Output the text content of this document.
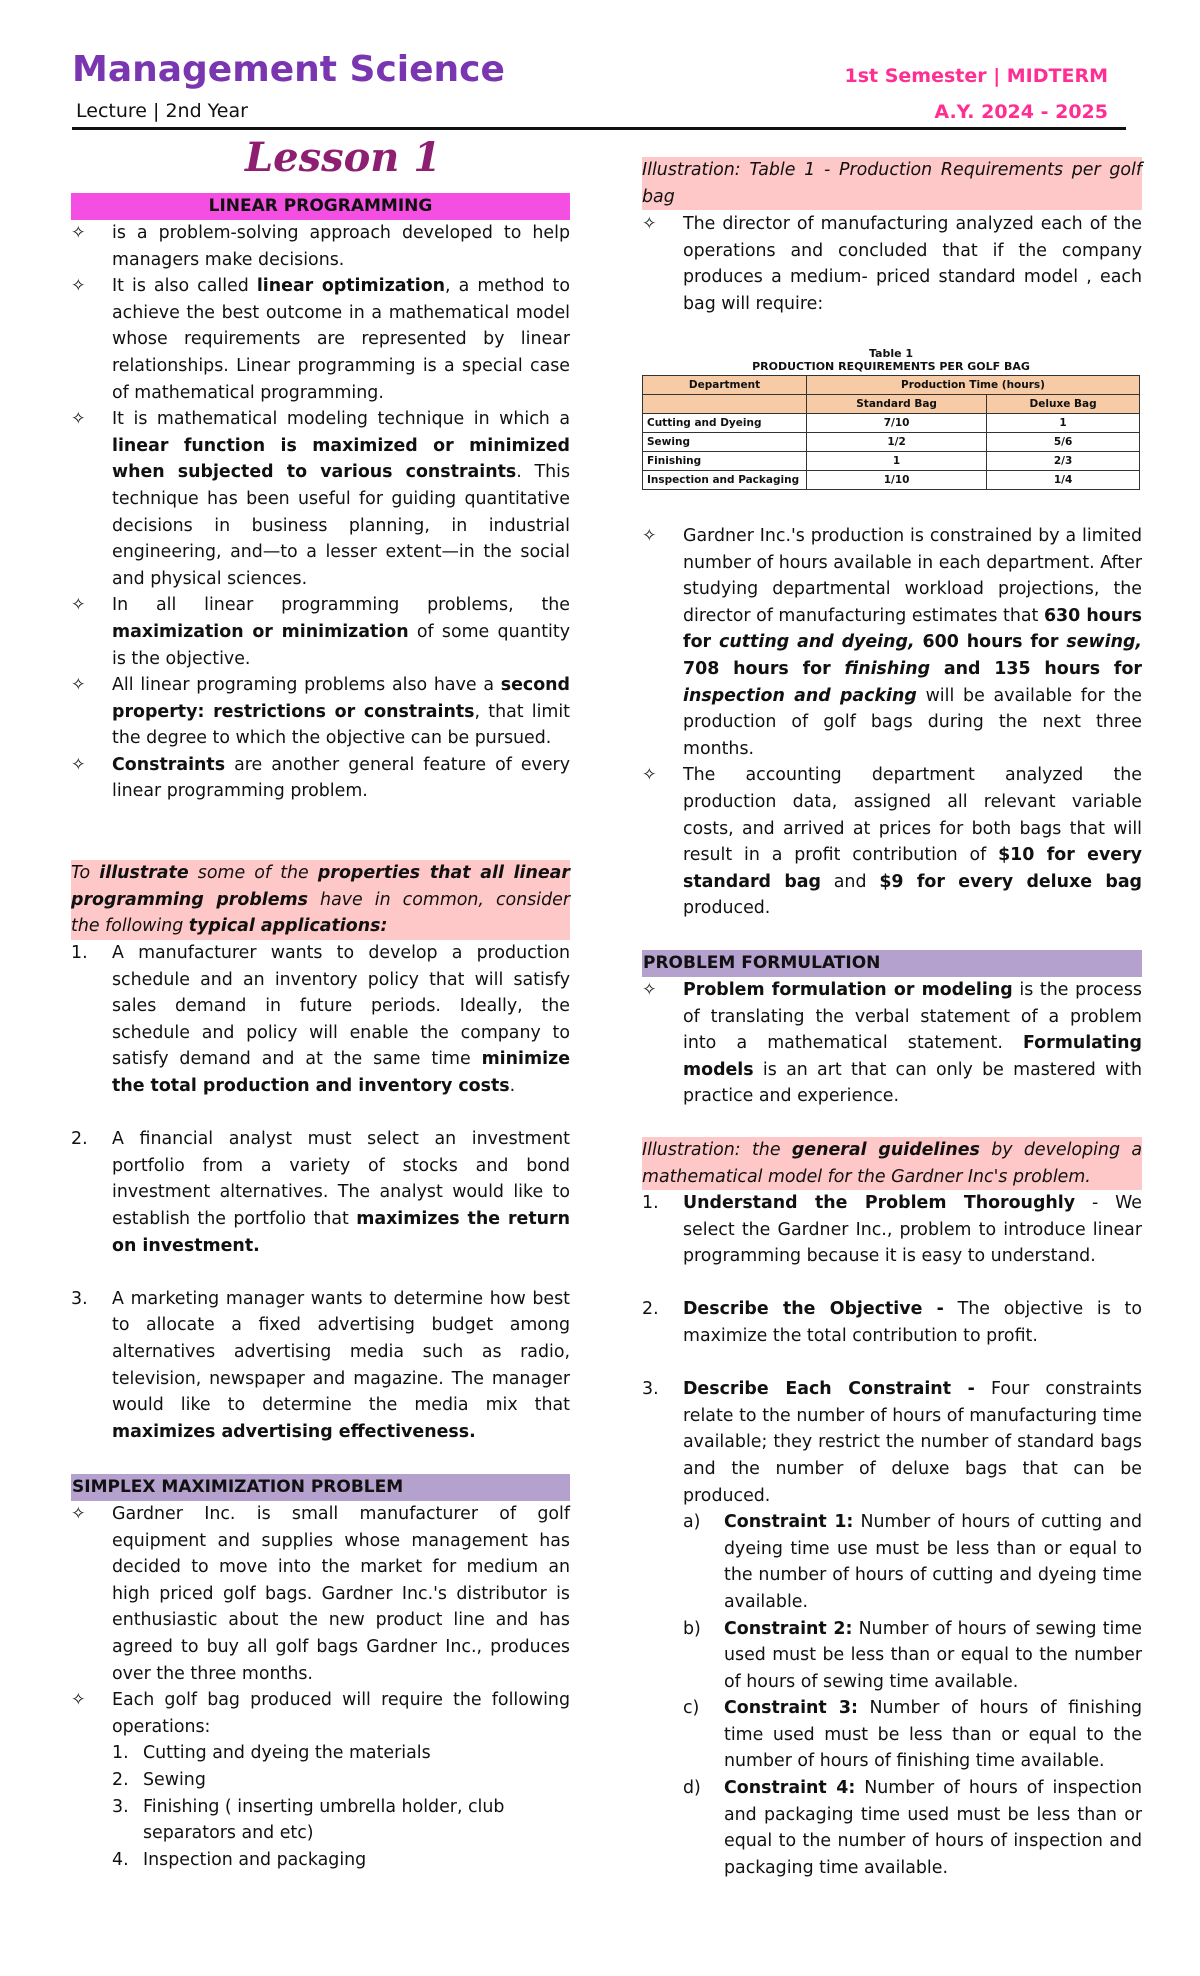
Management Science
Lecture | 2nd Year
1st Semester | MIDTERM
A.Y. 2024 - 2025
Lesson 1
LINEAR PROGRAMMING
✧	is a problem-solving approach developed to help managers make decisions.
✧	It is also called linear optimization, a method to achieve the best outcome in a mathematical model whose requirements are represented by linear relationships. Linear programming is a special case of mathematical programming.
✧	It is mathematical modeling technique in which a linear function is maximized or minimized when subjected to various constraints. This technique has been useful for guiding quantitative decisions in business planning, in industrial engineering, and—to a lesser extent—in the social and physical sciences.
✧	In all linear programming problems, the maximization or minimization of some quantity is the objective.
✧	All linear programing problems also have a second property: restrictions or constraints, that limit the degree to which the objective can be pursued.
✧	Constraints are another general feature of every linear programming problem.
To illustrate some of the properties that all linear programming problems have in common, consider the following typical applications:
1.	A manufacturer wants to develop a production schedule and an inventory policy that will satisfy sales demand in future periods. Ideally, the schedule and policy will enable the company to satisfy demand and at the same time minimize the total production and inventory costs.
2.	A financial analyst must select an investment portfolio from a variety of stocks and bond investment alternatives. The analyst would like to establish the portfolio that maximizes the return on investment.
3.	A marketing manager wants to determine how best to allocate a fixed advertising budget among alternatives advertising media such as radio, television, newspaper and magazine. The manager would like to determine the media mix that maximizes advertising effectiveness.
SIMPLEX MAXIMIZATION PROBLEM
✧	Gardner Inc. is small manufacturer of golf equipment and supplies whose management has decided to move into the market for medium an high priced golf bags. Gardner Inc.'s distributor is enthusiastic about the new product line and has agreed to buy all golf bags Gardner Inc., produces over the three months.
✧	Each golf bag produced will require the following operations:
1. Cutting and dyeing the materials
2. Sewing
3. Finishing ( inserting umbrella holder, club separators and etc)
4. Inspection and packaging
Illustration: Table 1 - Production Requirements per golf bag
✧	The director of manufacturing analyzed each of the operations and concluded that if the company produces a medium- priced standard model , each bag will require:
Table 1
PRODUCTION REQUIREMENTS PER GOLF BAG
Department	Production Time (hours)	
	Standard Bag	Deluxe Bag
Cutting and Dyeing	7/10	1
Sewing	1/2	5/6
Finishing	1	2/3
Inspection and Packaging	1/10	1/4
✧	Gardner Inc.'s production is constrained by a limited number of hours available in each department. After studying departmental workload projections, the director of manufacturing estimates that 630 hours for cutting and dyeing, 600 hours for sewing, 708 hours for finishing and 135 hours for inspection and packing will be available for the production of golf bags during the next three months.
✧	The accounting department analyzed the production data, assigned all relevant variable costs, and arrived at prices for both bags that will result in a profit contribution of $10 for every standard bag and $9 for every deluxe bag produced.
PROBLEM FORMULATION
✧	Problem formulation or modeling is the process of translating the verbal statement of a problem into a mathematical statement. Formulating models is an art that can only be mastered with practice and experience.
Illustration: the general guidelines by developing a mathematical model for the Gardner Inc's problem.
1.	Understand the Problem Thoroughly - We select the Gardner Inc., problem to introduce linear programming because it is easy to understand.
2.	Describe the Objective - The objective is to maximize the total contribution to profit.
3.	Describe Each Constraint - Four constraints relate to the number of hours of manufacturing time available; they restrict the number of standard bags and the number of deluxe bags that can be produced.
a) Constraint 1: Number of hours of cutting and dyeing time use must be less than or equal to the number of hours of cutting and dyeing time available.
b) Constraint 2: Number of hours of sewing time used must be less than or equal to the number of hours of sewing time available.
c) Constraint 3: Number of hours of finishing time used must be less than or equal to the number of hours of finishing time available.
d) Constraint 4: Number of hours of inspection and packaging time used must be less than or equal to the number of hours of inspection and packaging time available.
